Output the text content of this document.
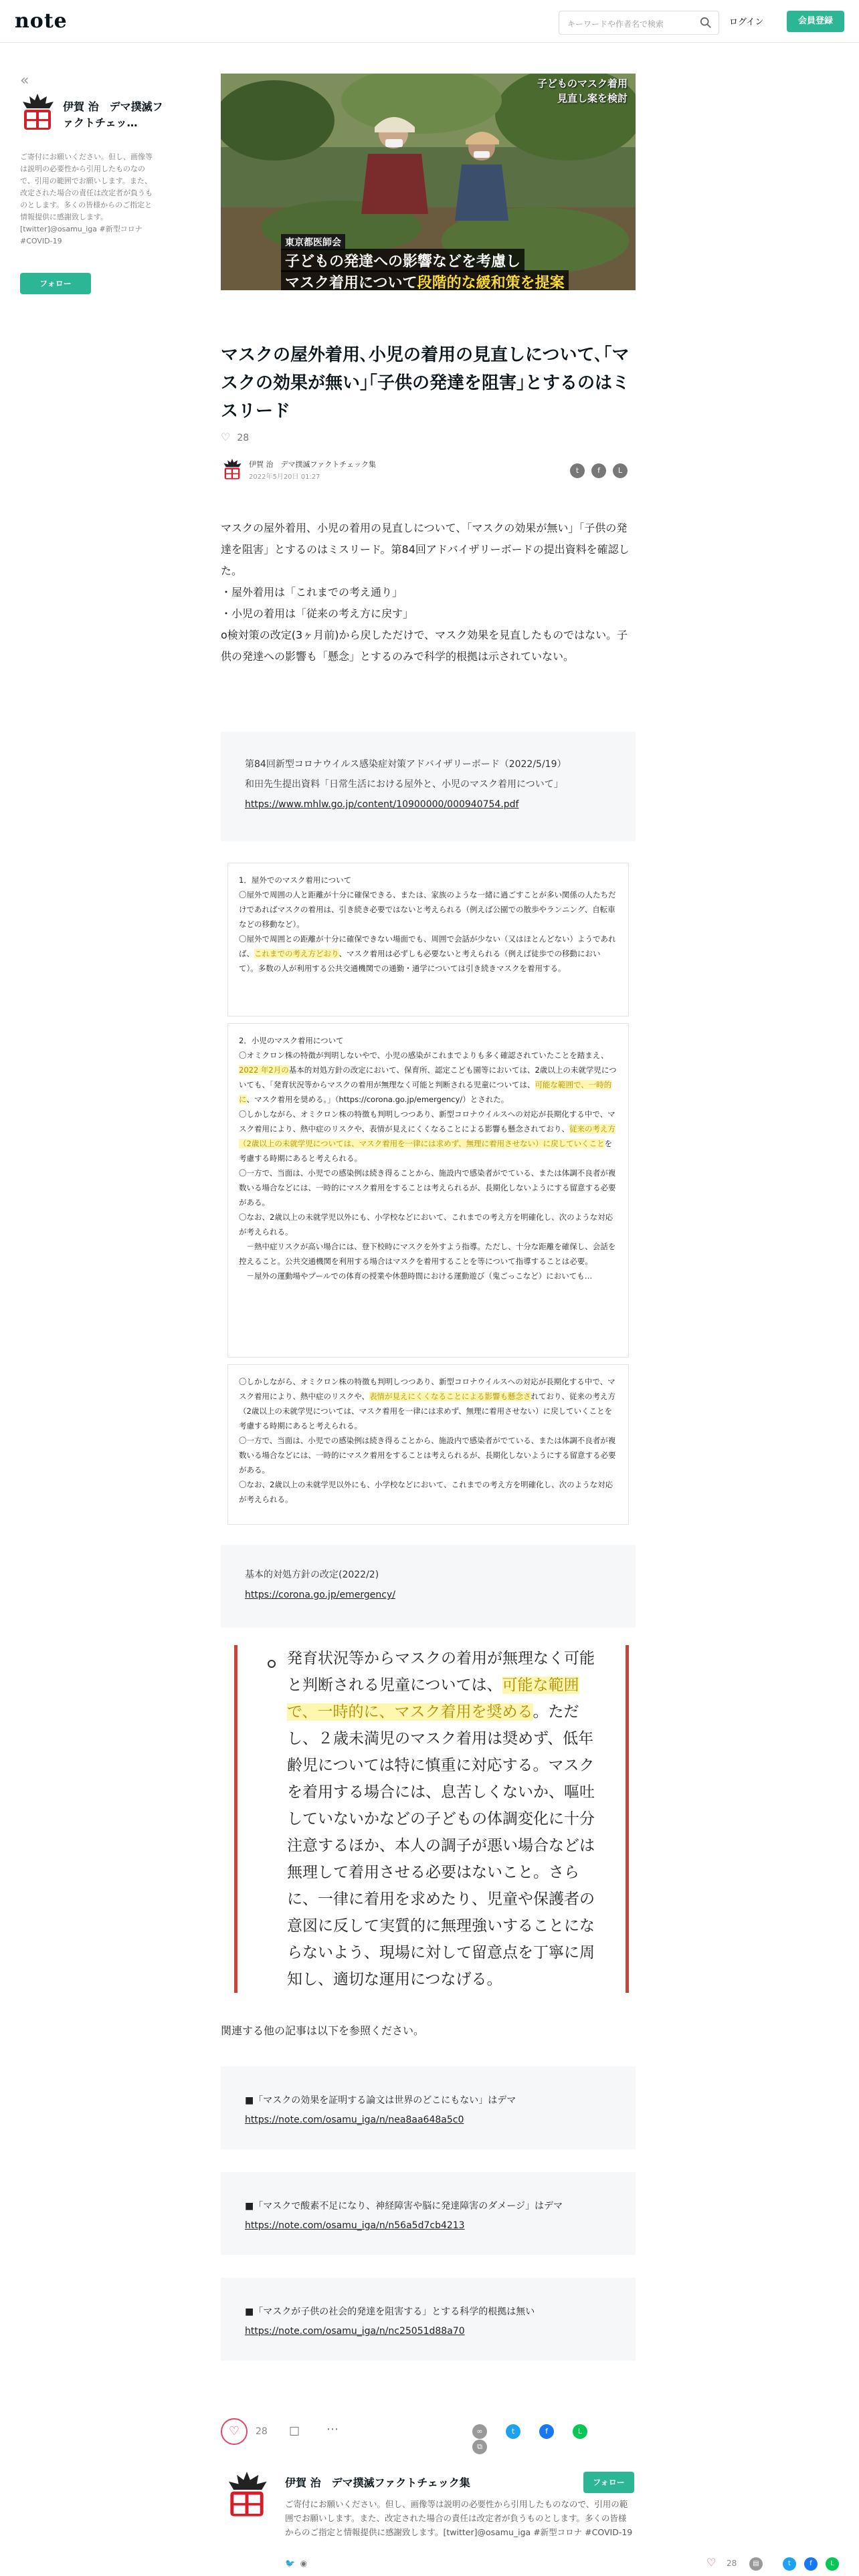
note	キーワードや作者名で検索	ログイン	会員登録
«
伊賀 治　デマ撲滅ファクトチェッ…
ご寄付にお願いください。但し、画像等は説明の必要性から引用したものなので、引用の範囲でお願いします。また、改定された場合の責任は改定者が負うものとします。多くの皆様からのご指定と情報提供に感謝致します。[twitter]@osamu_iga #新型コロナ #COVID-19
フォロー
子どものマスク着用
見直し案を検討
東京都医師会
子どもの発達への影響などを考慮し
マスク着用について段階的な緩和策を提案
マスクの屋外着用､小児の着用の見直しについて､｢マスクの効果が無い｣｢子供の発達を阻害｣とするのはミスリード
♡ 28
伊賀 治　デマ撲滅ファクトチェック集
2022年5月20日 01:27
t	f L

マスクの屋外着用、小児の着用の見直しについて、「マスクの効果が無い」「子供の発達を阻害」とするのはミスリード。第84回アドバイザリーボードの提出資料を確認した。

・屋外着用は「これまでの考え通り」

・小児の着用は「従来の考え方に戻す」

o検対策の改定(3ヶ月前)から戻しただけで、マスク効果を見直したものではない。子供の発達への影響も「懸念」とするのみで科学的根拠は示されていない。

第84回新型コロナウイルス感染症対策アドバイザリーボード（2022/5/19）
和田先生提出資料「日常生活における屋外と、小児のマスク着用について」
https://www.mhlw.go.jp/content/10900000/000940754.pdf
1．屋外でのマスク着用について
〇屋外で周囲の人と距離が十分に確保できる、または、家族のような一緒に過ごすことが多い関係の人たちだけであればマスクの着用は、引き続き必要ではないと考えられる（例えば公園での散歩やランニング、自転車などの移動など）。
〇屋外で周囲との距離が十分に確保できない場面でも、周囲で会話が少ない（又はほとんどない）ようであれば、これまでの考え方どおり、マスク着用は必ずしも必要ないと考えられる（例えば徒歩での移動において）。多数の人が利用する公共交通機関での通勤・通学については引き続きマスクを着用する。
2．小児のマスク着用について
〇オミクロン株の特徴が判明しないやで、小児の感染がこれまでよりも多く確認されていたことを踏まえ、2022 年2月の基本的対処方針の改定において、保育所、認定こども園等においては、2歳以上の未就学児についても、「発育状況等からマスクの着用が無理なく可能と判断される児童については、可能な範囲で、一時的に、マスク着用を奨める。」（https://corona.go.jp/emergency/）とされた。
〇しかしながら、オミクロン株の特徴も判明しつつあり、新型コロナウイルスへの対応が長期化する中で、マスク着用により、熱中症のリスクや、表情が見えにくくなることによる影響も懸念されており、従来の考え方（2歳以上の未就学児については、マスク着用を一律には求めず、無理に着用させない）に戻していくことを考慮する時期にあると考えられる。
〇一方で、当面は、小児での感染例は続き得ることから、施設内で感染者がでている、または体調不良者が複数いる場合などには、一時的にマスク着用をすることは考えられるが、長期化しないようにする留意する必要がある。
〇なお、2歳以上の未就学児以外にも、小学校などにおいて、これまでの考え方を明確化し、次のような対応が考えられる。
　－熱中症リスクが高い場合には、登下校時にマスクを外すよう指導。ただし、十分な距離を確保し、会話を控えること。公共交通機関を利用する場合はマスクを着用することを等について指導することは必要。
　－屋外の運動場やプールでの体育の授業や休憩時間における運動遊び（鬼ごっこなど）においても…
〇しかしながら、オミクロン株の特徴も判明しつつあり、新型コロナウイルスへの対応が長期化する中で、マスク着用により、熱中症のリスクや、表情が見えにくくなることによる影響も懸念されており、従来の考え方（2歳以上の未就学児については、マスク着用を一律には求めず、無理に着用させない）に戻していくことを考慮する時期にあると考えられる。
〇一方で、当面は、小児での感染例は続き得ることから、施設内で感染者がでている、または体調不良者が複数いる場合などには、一時的にマスク着用をすることは考えられるが、長期化しないようにする留意する必要がある。
〇なお、2歳以上の未就学児以外にも、小学校などにおいて、これまでの考え方を明確化し、次のような対応が考えられる。
基本的対処方針の改定(2022/2)
https://corona.go.jp/emergency/
発育状況等からマスクの着用が無理なく可能と判断される児童については、可能な範囲で、一時的に、マスク着用を奨める。ただし、２歳未満児のマスク着用は奨めず、低年齢児については特に慎重に対応する。マスクを着用する場合には、息苦しくないか、嘔吐していないかなどの子どもの体調変化に十分注意するほか、本人の調子が悪い場合などは無理して着用させる必要はないこと。さらに、一律に着用を求めたり、児童や保護者の意図に反して実質的に無理強いすることにならないよう、現場に対して留意点を丁寧に周知し、適切な運用につなげる。
関連する他の記事は以下を参照ください。
■「マスクの効果を証明する論文は世界のどこにもない」はデマ
https://note.com/osamu_iga/n/nea8aa648a5c0
■「マスクで酸素不足になり、神経障害や脳に発達障害のダメージ」はデマ
https://note.com/osamu_iga/n/n56a5d7cb4213
■「マスクが子供の社会的発達を阻害する」とする科学的根拠は無い
https://note.com/osamu_iga/n/nc25051d88a70
♡	28 ☐ ⋯	∞	t	f	L⧉
伊賀 治　デマ撲滅ファクトチェック集	フォロー
ご寄付にお願いください。但し、画像等は説明の必要性から引用したものなので、引用の範囲でお願いします。また、改定された場合の責任は改定者が負うものとします。多くの皆様からのご指定と情報提供に感謝致します。[twitter]@osamu_iga #新型コロナ #COVID-19
🐦 ◉	♡ 28	▤	t	f	L
